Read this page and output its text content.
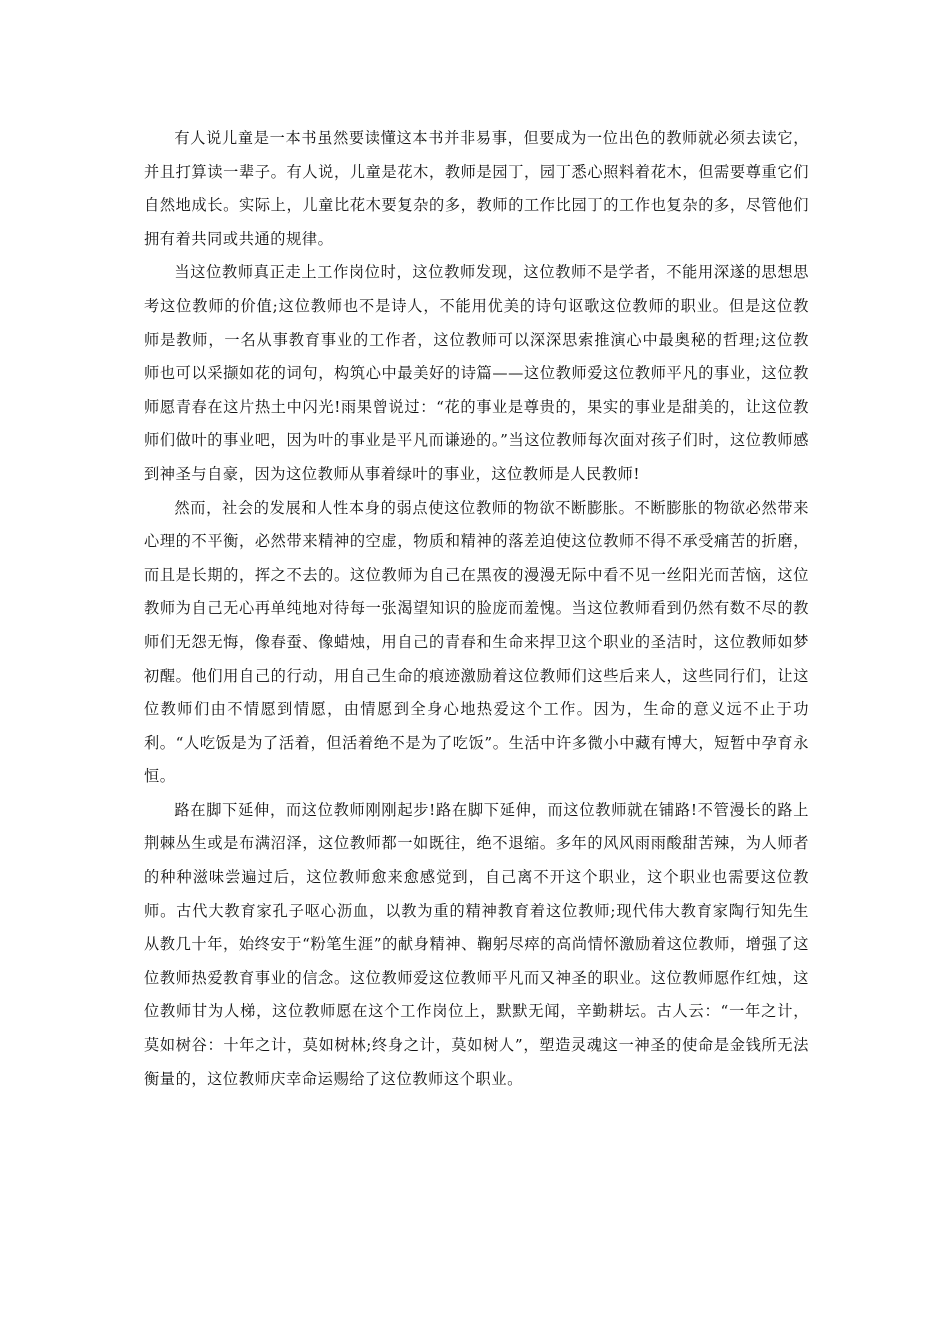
有人说儿童是一本书虽然要读懂这本书并非易事，但要成为一位出色的教师就必须去读它，并且打算读一辈子。有人说，儿童是花木，教师是园丁，园丁悉心照料着花木，但需要尊重它们自然地成长。实际上，儿童比花木要复杂的多，教师的工作比园丁的工作也复杂的多，尽管他们拥有着共同或共通的规律。

当这位教师真正走上工作岗位时，这位教师发现，这位教师不是学者，不能用深遂的思想思考这位教师的价值;这位教师也不是诗人，不能用优美的诗句讴歌这位教师的职业。但是这位教师是教师，一名从事教育事业的工作者，这位教师可以深深思索推演心中最奥秘的哲理;这位教师也可以采撷如花的词句，构筑心中最美好的诗篇——这位教师爱这位教师平凡的事业，这位教师愿青春在这片热土中闪光!雨果曾说过：“花的事业是尊贵的，果实的事业是甜美的，让这位教师们做叶的事业吧，因为叶的事业是平凡而谦逊的。”当这位教师每次面对孩子们时，这位教师感到神圣与自豪，因为这位教师从事着绿叶的事业，这位教师是人民教师!

然而，社会的发展和人性本身的弱点使这位教师的物欲不断膨胀。不断膨胀的物欲必然带来心理的不平衡，必然带来精神的空虚，物质和精神的落差迫使这位教师不得不承受痛苦的折磨，而且是长期的，挥之不去的。这位教师为自己在黑夜的漫漫无际中看不见一丝阳光而苦恼，这位教师为自己无心再单纯地对待每一张渴望知识的脸庞而羞愧。当这位教师看到仍然有数不尽的教师们无怨无悔，像春蚕、像蜡烛，用自己的青春和生命来捍卫这个职业的圣洁时，这位教师如梦初醒。他们用自己的行动，用自己生命的痕迹激励着这位教师们这些后来人，这些同行们，让这位教师们由不情愿到情愿，由情愿到全身心地热爱这个工作。因为，生命的意义远不止于功利。“人吃饭是为了活着，但活着绝不是为了吃饭”。生活中许多微小中藏有博大，短暂中孕育永恒。

路在脚下延伸，而这位教师刚刚起步!路在脚下延伸，而这位教师就在铺路!不管漫长的路上荆棘丛生或是布满沼泽，这位教师都一如既往，绝不退缩。多年的风风雨雨酸甜苦辣，为人师者的种种滋味尝遍过后，这位教师愈来愈感觉到，自己离不开这个职业，这个职业也需要这位教师。古代大教育家孔子呕心沥血，以教为重的精神教育着这位教师;现代伟大教育家陶行知先生从教几十年，始终安于“粉笔生涯”的献身精神、鞠躬尽瘁的高尚情怀激励着这位教师，增强了这位教师热爱教育事业的信念。这位教师爱这位教师平凡而又神圣的职业。这位教师愿作红烛，这位教师甘为人梯，这位教师愿在这个工作岗位上，默默无闻，辛勤耕坛。古人云：“一年之计，莫如树谷：十年之计，莫如树林;终身之计，莫如树人”，塑造灵魂这一神圣的使命是金钱所无法衡量的，这位教师庆幸命运赐给了这位教师这个职业。
